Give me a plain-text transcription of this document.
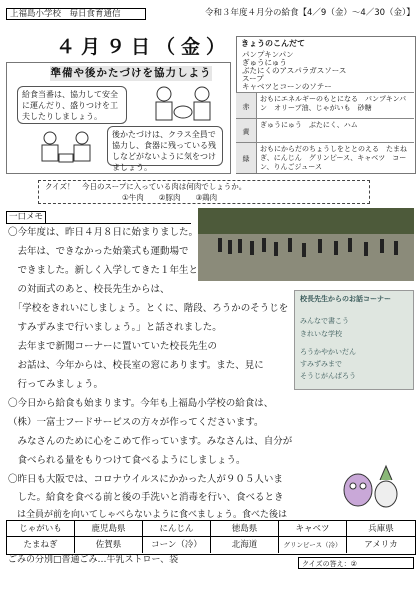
上福島小学校　毎日食育通信	令和３年度４月分の給食【4／9（金）～4／30（金）】
４月９日（金）
準備や後かたづけを協力しよう
給食当番は、協力して安全に運んだり、盛りつけを工夫したりしましょう。
後かたづけは、クラス全員で協力し、食器に残っている残しなどがないように気をつけましょう。
きょうのこんだて
パンプキンパン
ぎゅうにゅう
ぶたにくのアスパラガスソース
スープ
キャベツとコーンのソテー
赤
おもにエネルギーのもとになる　パンプキンパン　オリーブ油、じゃがいも　砂糖
黄
ぎゅうにゅう　ぶたにく、ハム
緑
おもにからだのちょうしをととのえる　たまねぎ、にんじん　グリンピース、キャベツ　コーン、りんごジュース
クイズ！　今日のスープに入っている肉は何肉でしょうか。
①牛肉　　②豚肉　　③鶏肉
一口メモ
〇今年度は、昨日４月８日に始まりました。
　去年は、できなかった始業式も運動場で
　できました。新しく入学してきた１年生と
　の対面式のあと、校長先生からは、
　「学校をきれいにしましょう。とくに、階段、ろうかのそうじを
　すみずみまで行いましょう。」と話されました。
　去年まで新聞コーナーに置いていた校長先生の
　お話は、今年からは、校長室の窓にあります。また、見に
　行ってみましょう。
〇今日から給食も始まります。今年も上福島小学校の給食は、
（株）一富士フードサービスの方々が作ってくださいます。
　みなさんのために心をこめて作っています。みなさんは、自分が
　食べられる量をもりつけて食べるようにしましょう。
〇昨日も大阪では、コロナウイルスにかかった人が９０５人いま
　した。給食を食べる前と後の手洗いと消毒を行い、食べるとき
　は全員が前を向いてしゃべらないように食べましょう。食べた後は
校長先生からのお話コーナー
みんなで書こう
きれいな学校
ろうかやかいだん
すみずみまで
そうじがんばろう
じゃがいも	鹿児島県	にんじん	徳島県	キャベツ	兵庫県
たまねぎ	佐賀県	コーン（冷）	北海道	グリンピース（冷）	アメリカ
ごみの分別□普通ごみ…牛乳ストロー、袋	クイズの答え：②
